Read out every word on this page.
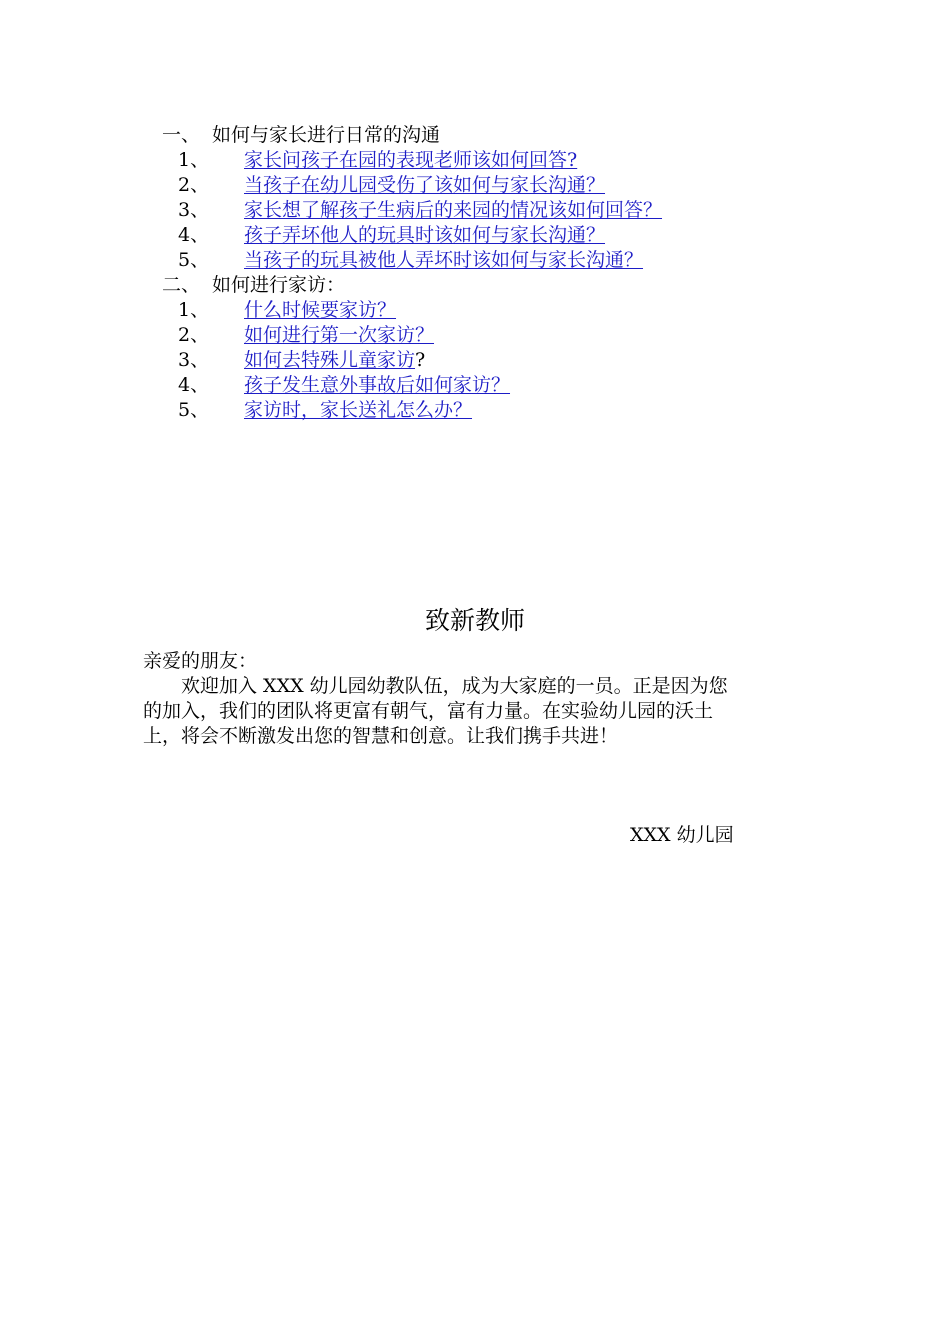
一、 如何与家长进行日常的沟通
1、 家长问孩子在园的表现老师该如何回答?
2、 当孩子在幼儿园受伤了该如何与家长沟通？
3、 家长想了解孩子生病后的来园的情况该如何回答？
4、 孩子弄坏他人的玩具时该如何与家长沟通？
5、 当孩子的玩具被他人弄坏时该如何与家长沟通？
二、 如何进行家访：
1、 什么时候要家访？
2、 如何进行第一次家访？
3、 如何去特殊儿童家访?
4、 孩子发生意外事故后如何家访？
5、 家访时，家长送礼怎么办？
致新教师
亲爱的朋友：
　　欢迎加入 XXX 幼儿园幼教队伍，成为大家庭的一员。正是因为您
的加入，我们的团队将更富有朝气，富有力量。在实验幼儿园的沃土
上，将会不断激发出您的智慧和创意。让我们携手共进！
XXX 幼儿园
